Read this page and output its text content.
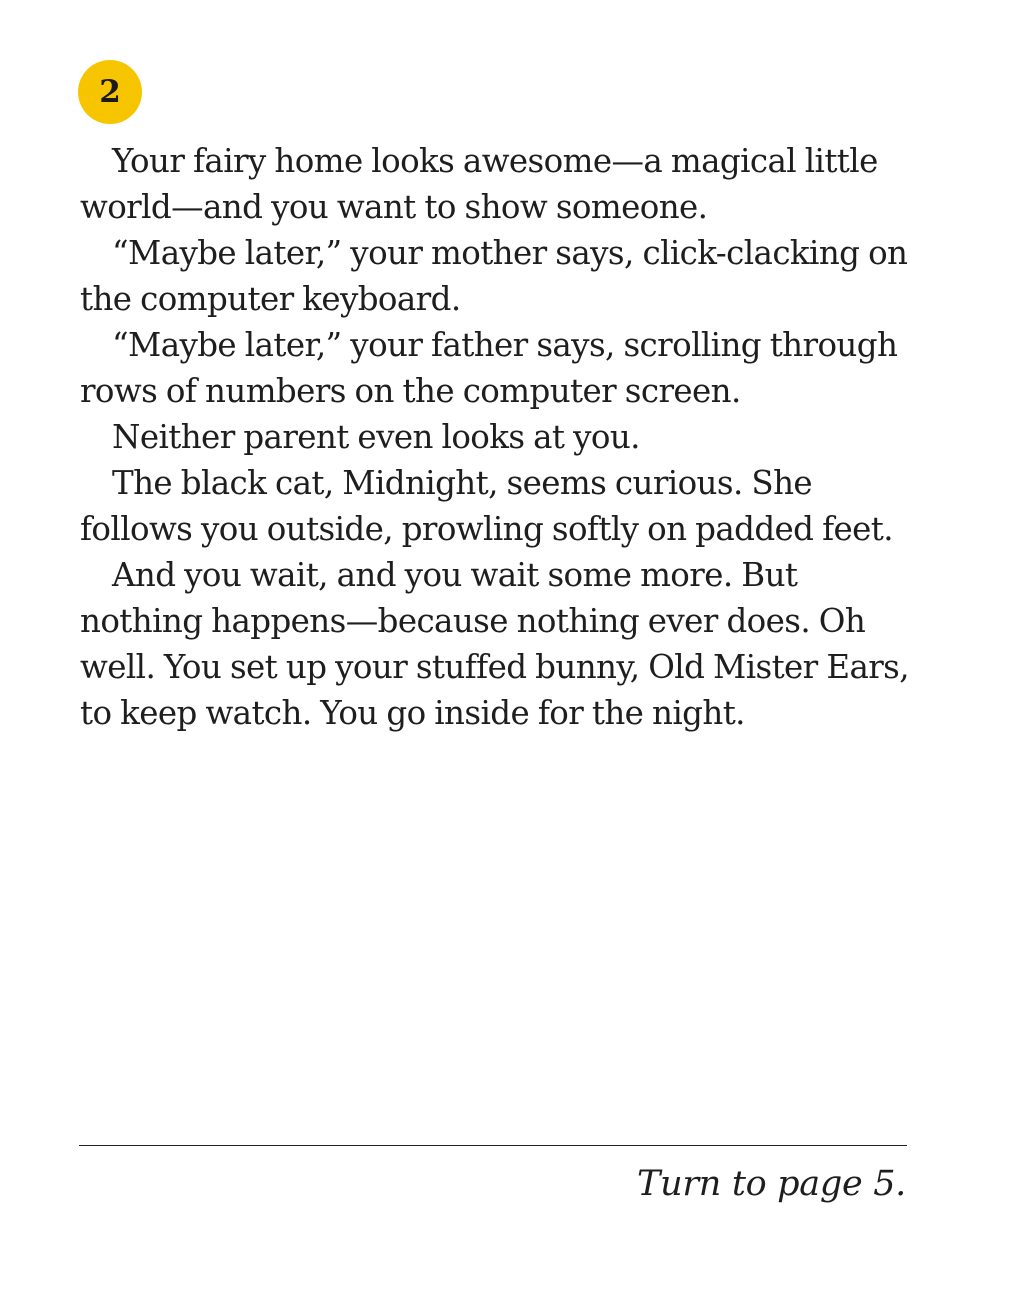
2

Your fairy home looks awesome—a magical little world—and you want to show someone.

“Maybe later,” your mother says, click-clacking on the computer keyboard.

“Maybe later,” your father says, scrolling through rows of numbers on the computer screen.

Neither parent even looks at you.

The black cat, Midnight, seems curious. She follows you outside, prowling softly on padded feet.

And you wait, and you wait some more. But nothing happens—because nothing ever does. Oh well. You set up your stuffed bunny, Old Mister Ears, to keep watch. You go inside for the night.

Turn to page 5.
